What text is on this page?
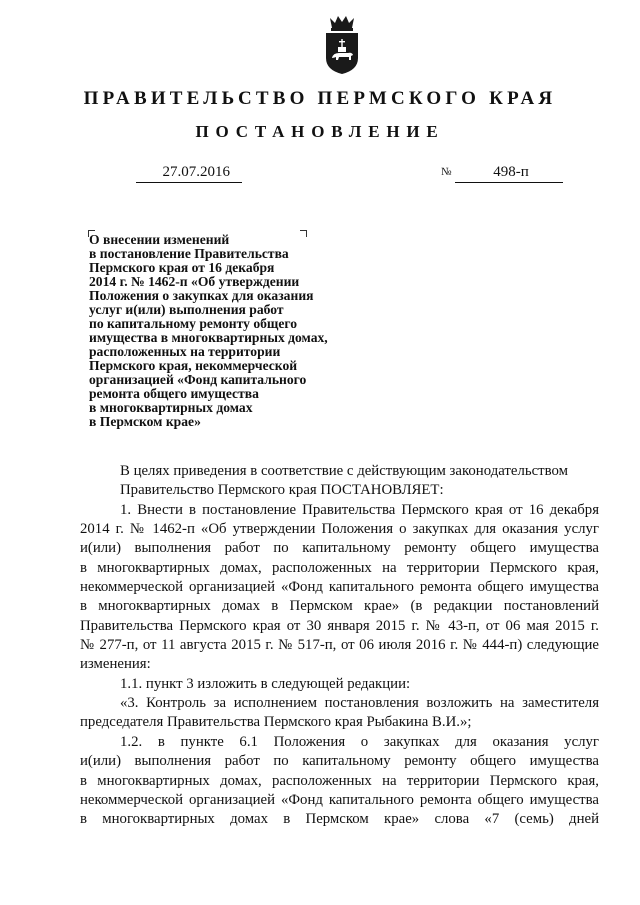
ПРАВИТЕЛЬСТВО ПЕРМСКОГО КРАЯ
ПОСТАНОВЛЕНИЕ
27.07.2016	№	498-п
О внесении изменений
в постановление Правительства
Пермского края от 16 декабря
2014 г. № 1462-п «Об утверждении
Положения о закупках для оказания
услуг и(или) выполнения работ
по капитальному ремонту общего
имущества в многоквартирных домах,
расположенных на территории
Пермского края, некоммерческой
организацией «Фонд капитального
ремонта общего имущества
в многоквартирных домах
в Пермском крае»
В целях приведения в соответствие с действующим законодательством
Правительство Пермского края ПОСТАНОВЛЯЕТ:
1. Внести в постановление Правительства Пермского края от 16 декабря
2014 г. № 1462-п «Об утверждении Положения о закупках для оказания услуг
и(или) выполнения работ по капитальному ремонту общего имущества
в многоквартирных домах, расположенных на территории Пермского края,
некоммерческой организацией «Фонд капитального ремонта общего имущества
в многоквартирных домах в Пермском крае» (в редакции постановлений
Правительства Пермского края от 30 января 2015 г. № 43-п, от 06 мая 2015 г.
№ 277-п, от 11 августа 2015 г. № 517-п, от 06 июля 2016 г. № 444-п) следующие
изменения:
1.1. пункт 3 изложить в следующей редакции:
«3. Контроль за исполнением постановления возложить на заместителя
председателя Правительства Пермского края Рыбакина В.И.»;
1.2. в пункте 6.1 Положения о закупках для оказания услуг
и(или) выполнения работ по капитальному ремонту общего имущества
в многоквартирных домах, расположенных на территории Пермского края,
некоммерческой организацией «Фонд капитального ремонта общего имущества
в многоквартирных домах в Пермском крае» слова «7 (семь) дней
